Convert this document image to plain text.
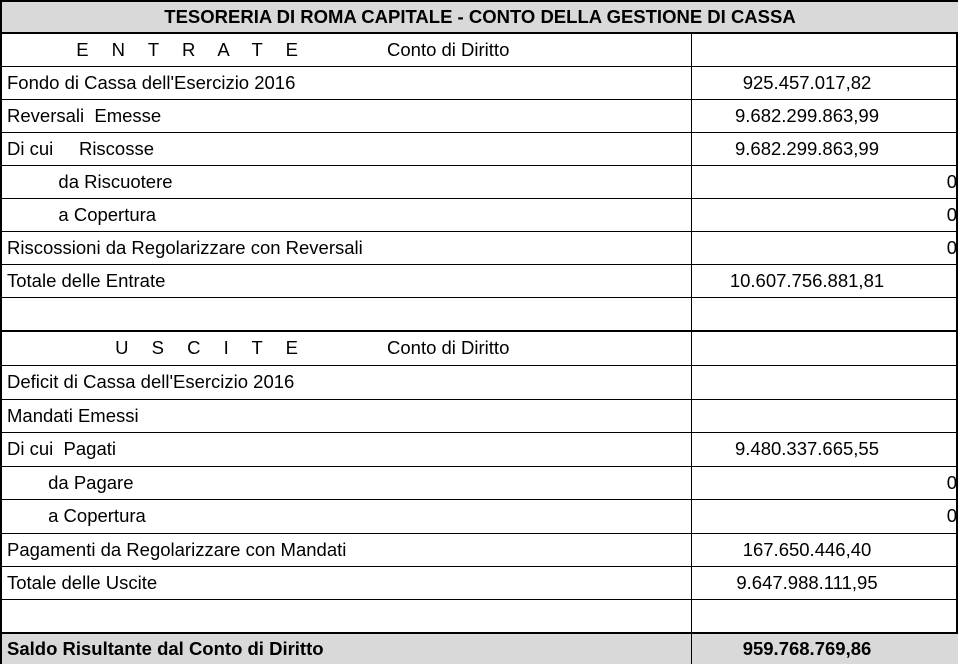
TESORERIA DI ROMA CAPITALE - CONTO DELLA GESTIONE DI CASSA
E N T R A T E	Conto di Diritto
Fondo di Cassa dell'Esercizio 2016	925.457.017,82
Reversali  Emesse	9.682.299.863,99
Di cui     Riscosse	9.682.299.863,99
da Riscuotere	0
a Copertura	0
Riscossioni da Regolarizzare con Reversali	0
Totale delle Entrate	10.607.756.881,81
U S C I T E	Conto di Diritto
Deficit di Cassa dell'Esercizio 2016
Mandati Emessi
Di cui  Pagati	9.480.337.665,55
da Pagare	0
a Copertura	0
Pagamenti da Regolarizzare con Mandati	167.650.446,40
Totale delle Uscite	9.647.988.111,95
Saldo Risultante dal Conto di Diritto	959.768.769,86
